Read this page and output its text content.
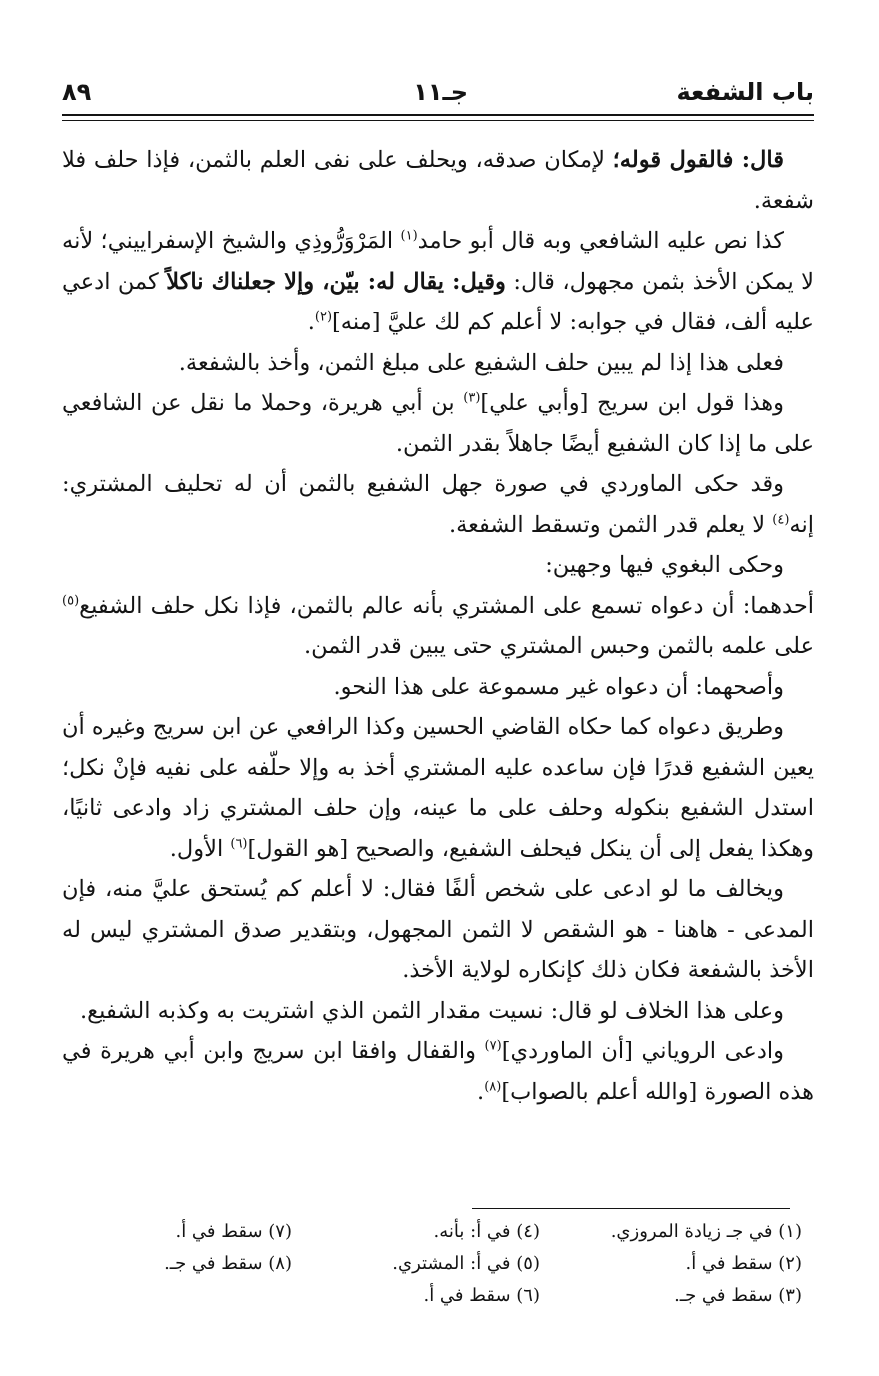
باب الشفعة
جـ١١
٨٩

قال: فالقول قوله؛ لإمكان صدقه، ويحلف على نفى العلم بالثمن، فإذا حلف فلا شفعة.

كذا نص عليه الشافعي وبه قال أبو حامد$^{(١)}$ المَرْوَرُّوذِي والشيخ الإسفراييني؛ لأنه لا يمكن الأخذ بثمن مجهول، قال: وقيل: يقال له: بيّن، وإلا جعلناك ناكلاً كمن ادعي عليه ألف، فقال في جوابه: لا أعلم كم لك عليَّ [منه]$^{(٢)}$.

فعلى هذا إذا لم يبين حلف الشفيع على مبلغ الثمن، وأخذ بالشفعة.

وهذا قول ابن سريج [وأبي علي]$^{(٣)}$ بن أبي هريرة، وحملا ما نقل عن الشافعي على ما إذا كان الشفيع أيضًا جاهلاً بقدر الثمن.

وقد حكى الماوردي في صورة جهل الشفيع بالثمن أن له تحليف المشتري: إنه$^{(٤)}$ لا يعلم قدر الثمن وتسقط الشفعة.

وحكى البغوي فيها وجهين:

أحدهما: أن دعواه تسمع على المشتري بأنه عالم بالثمن، فإذا نكل حلف الشفيع$^{(٥)}$ على علمه بالثمن وحبس المشتري حتى يبين قدر الثمن.

وأصحهما: أن دعواه غير مسموعة على هذا النحو.

وطريق دعواه كما حكاه القاضي الحسين وكذا الرافعي عن ابن سريج وغيره أن يعين الشفيع قدرًا فإن ساعده عليه المشتري أخذ به وإلا حلّفه على نفيه فإنْ نكل؛ استدل الشفيع بنكوله وحلف على ما عينه، وإن حلف المشتري زاد وادعى ثانيًا، وهكذا يفعل إلى أن ينكل فيحلف الشفيع، والصحيح [هو القول]$^{(٦)}$ الأول.

ويخالف ما لو ادعى على شخص ألفًا فقال: لا أعلم كم يُستحق عليَّ منه، فإن المدعى - هاهنا - هو الشقص لا الثمن المجهول، وبتقدير صدق المشتري ليس له الأخذ بالشفعة فكان ذلك كإنكاره لولاية الأخذ.

وعلى هذا الخلاف لو قال: نسيت مقدار الثمن الذي اشتريت به وكذبه الشفيع.

وادعى الروياني [أن الماوردي]$^{(٧)}$ والقفال وافقا ابن سريج وابن أبي هريرة في هذه الصورة [والله أعلم بالصواب]$^{(٨)}$.

(١) في جـ زيادة المروزي.
(٢) سقط في أ.
(٣) سقط في جـ.
(٤) في أ: بأنه.
(٥) في أ: المشتري.
(٦) سقط في أ.
(٧) سقط في أ.
(٨) سقط في جـ.
